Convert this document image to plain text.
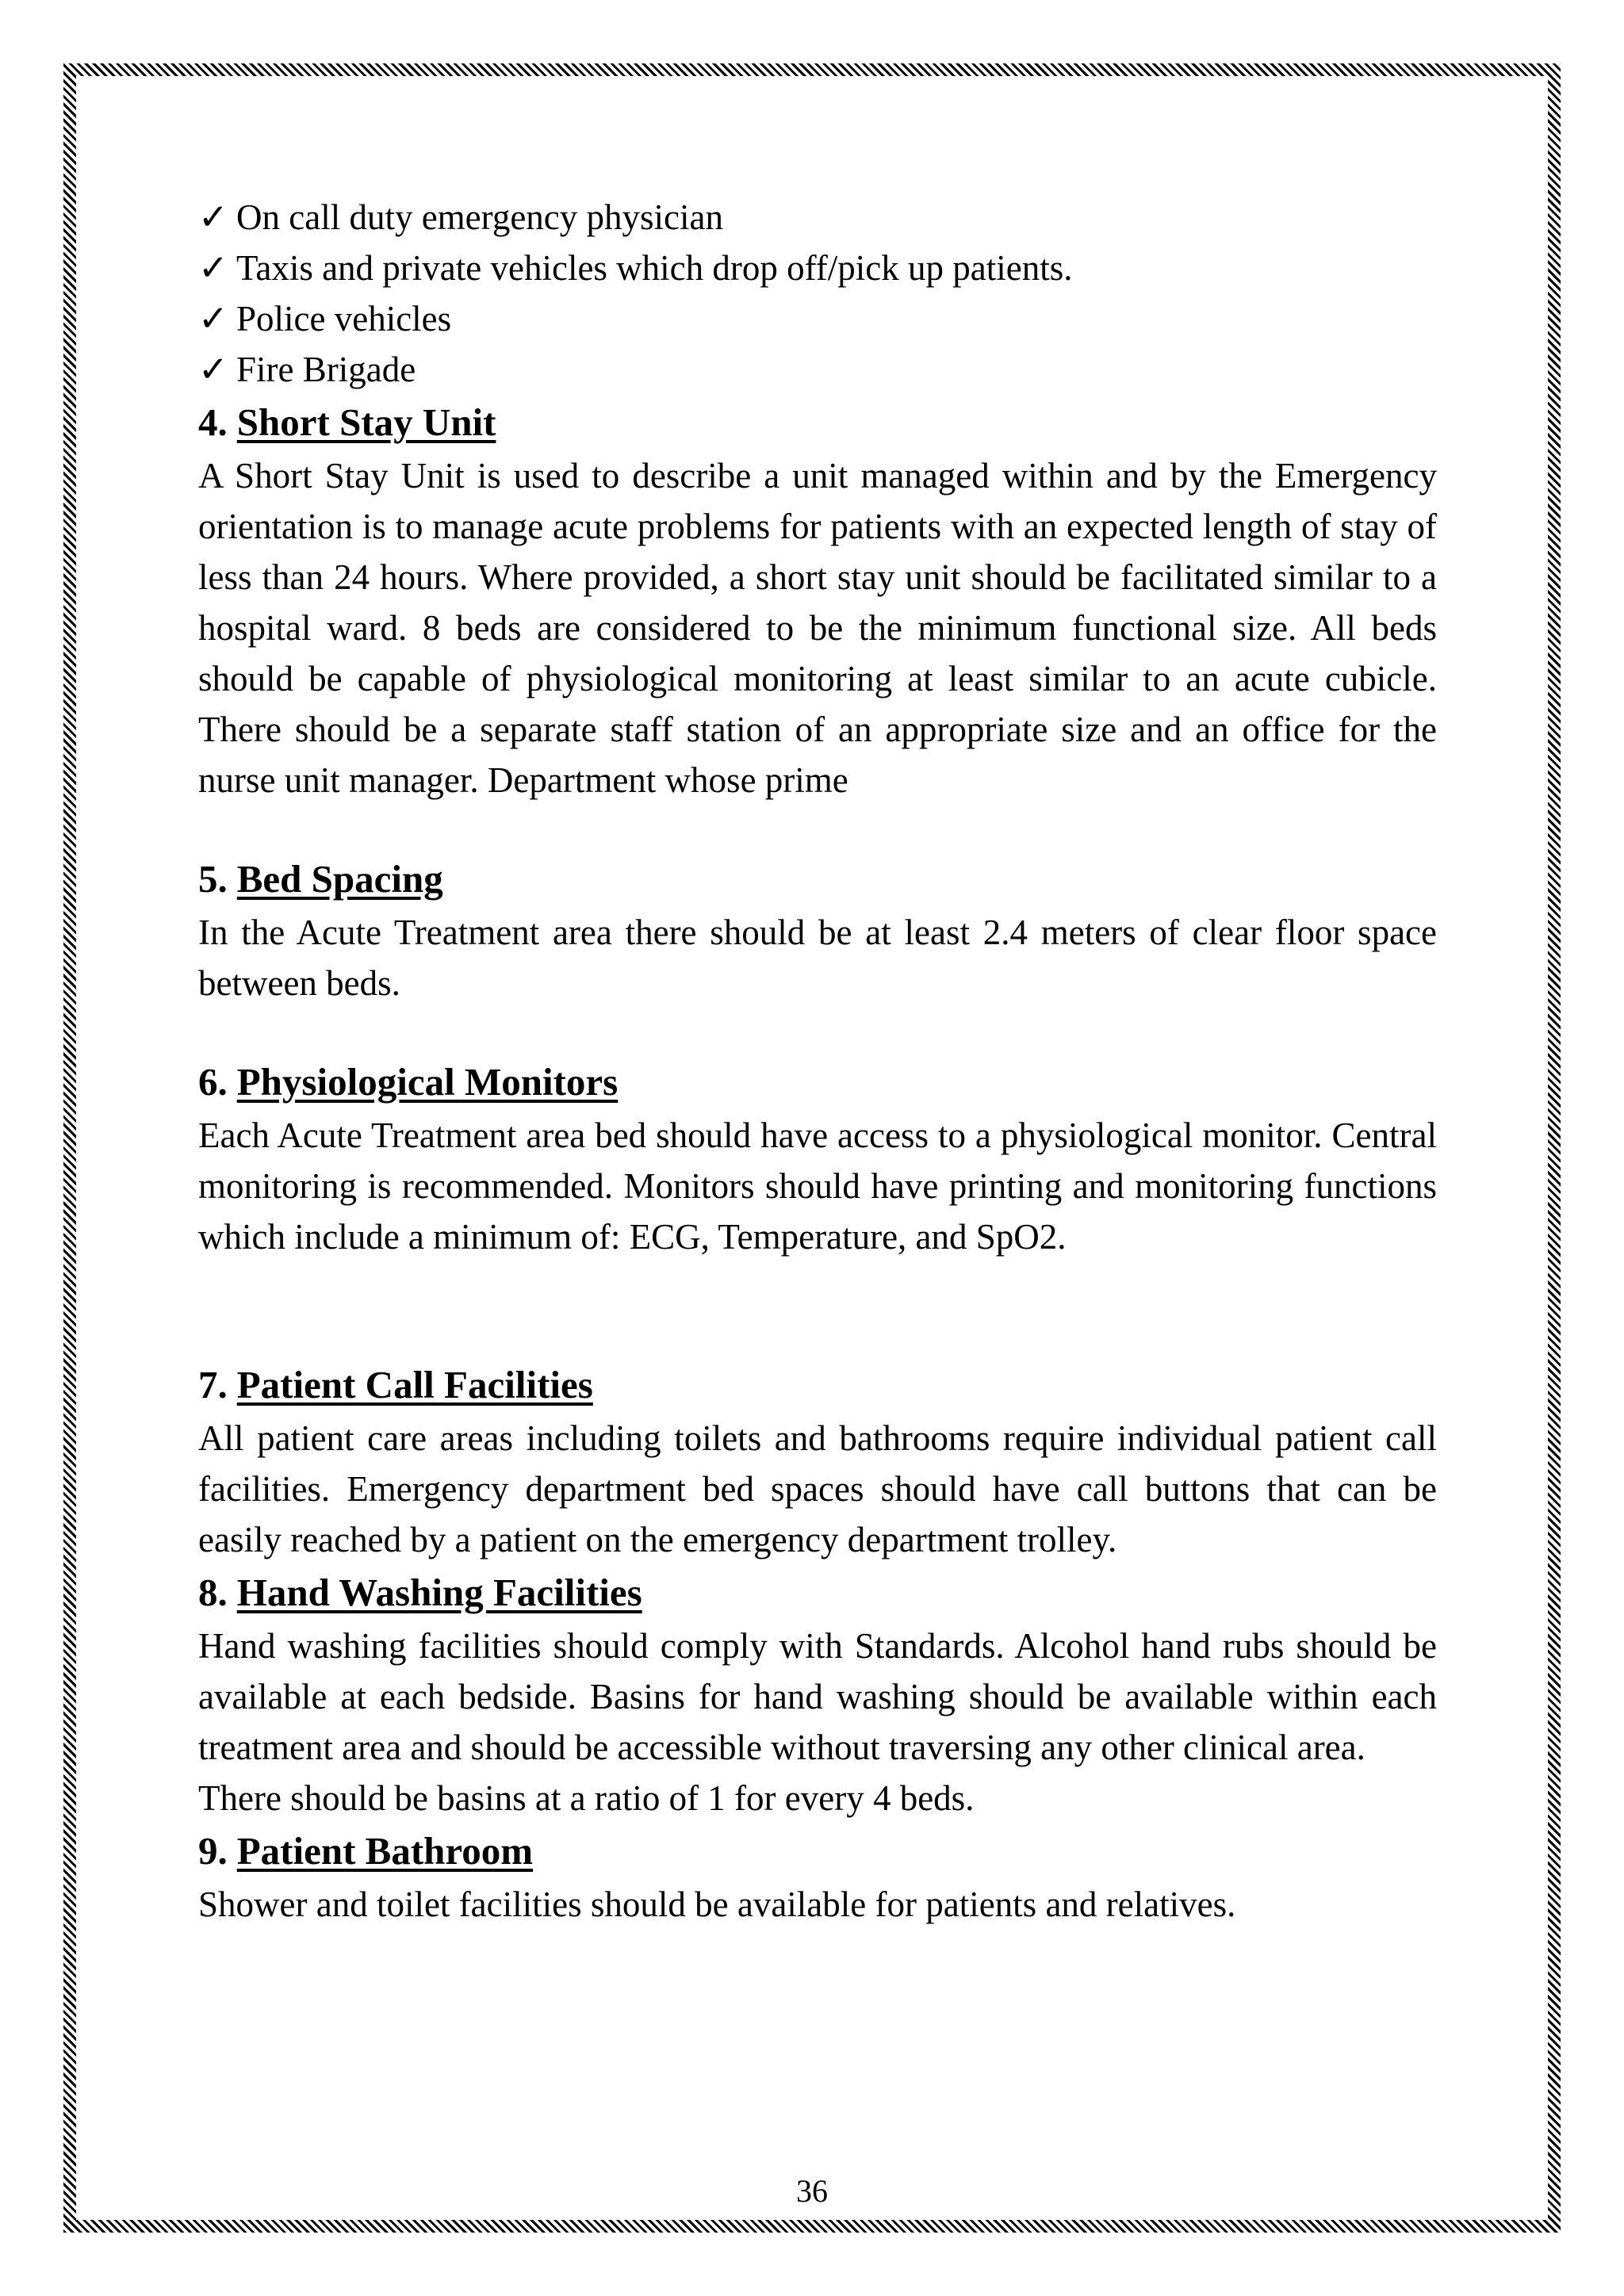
✓ On call duty emergency physician
✓ Taxis and private vehicles which drop off/pick up patients.
✓ Police vehicles
✓ Fire Brigade
4. Short Stay Unit

A Short Stay Unit is used to describe a unit managed within and by the Emergency orientation is to manage acute problems for patients with an expected length of stay of less than 24 hours. Where provided, a short stay unit should be facilitated similar to a hospital ward. 8 beds are considered to be the minimum functional size. All beds should be capable of physiological monitoring at least similar to an acute cubicle. There should be a separate staff station of an appropriate size and an office for the nurse unit manager. Department whose prime

5. Bed Spacing

In the Acute Treatment area there should be at least 2.4 meters of clear floor space between beds.

6. Physiological Monitors

Each Acute Treatment area bed should have access to a physiological monitor. Central monitoring is recommended. Monitors should have printing and monitoring functions which include a minimum of: ECG, Temperature, and SpO2.

7. Patient Call Facilities

All patient care areas including toilets and bathrooms require individual patient call facilities. Emergency department bed spaces should have call buttons that can be easily reached by a patient on the emergency department trolley.

8. Hand Washing Facilities

Hand washing facilities should comply with Standards. Alcohol hand rubs should be available at each bedside. Basins for hand washing should be available within each treatment area and should be accessible without traversing any other clinical area.

There should be basins at a ratio of 1 for every 4 beds.

9. Patient Bathroom

Shower and toilet facilities should be available for patients and relatives.

36
